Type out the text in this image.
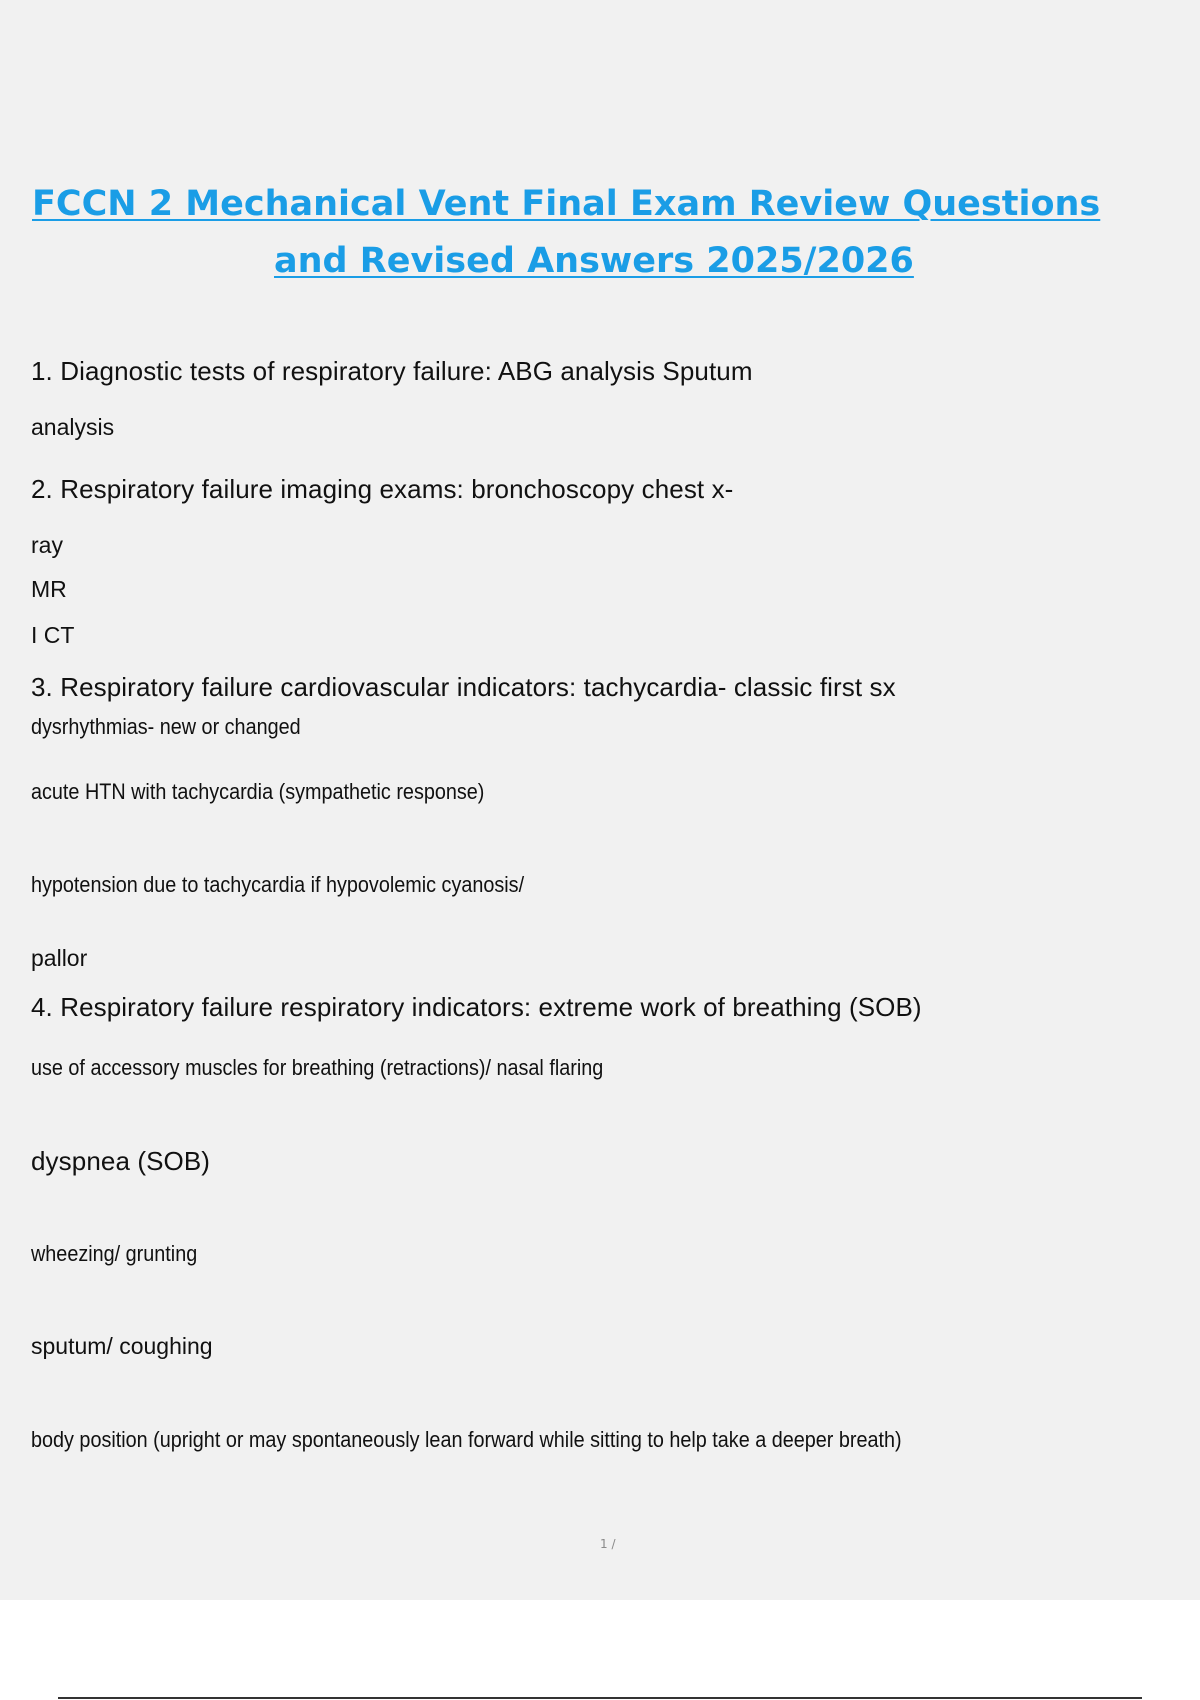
FCCN 2 Mechanical Vent Final Exam Review Questions

and Revised Answers 2025/2026

1. Diagnostic tests of respiratory failure: ABG analysis Sputum

analysis

2. Respiratory failure imaging exams: bronchoscopy chest x-

ray

MR

I CT

3. Respiratory failure cardiovascular indicators: tachycardia- classic first sx

dysrhythmias- new or changed

acute HTN with tachycardia (sympathetic response)

hypotension due to tachycardia if hypovolemic cyanosis/

pallor

4. Respiratory failure respiratory indicators: extreme work of breathing (SOB)

use of accessory muscles for breathing (retractions)/ nasal flaring

dyspnea (SOB)

wheezing/ grunting

sputum/ coughing

body position (upright or may spontaneously lean forward while sitting to help take a deeper breath)

1 /
